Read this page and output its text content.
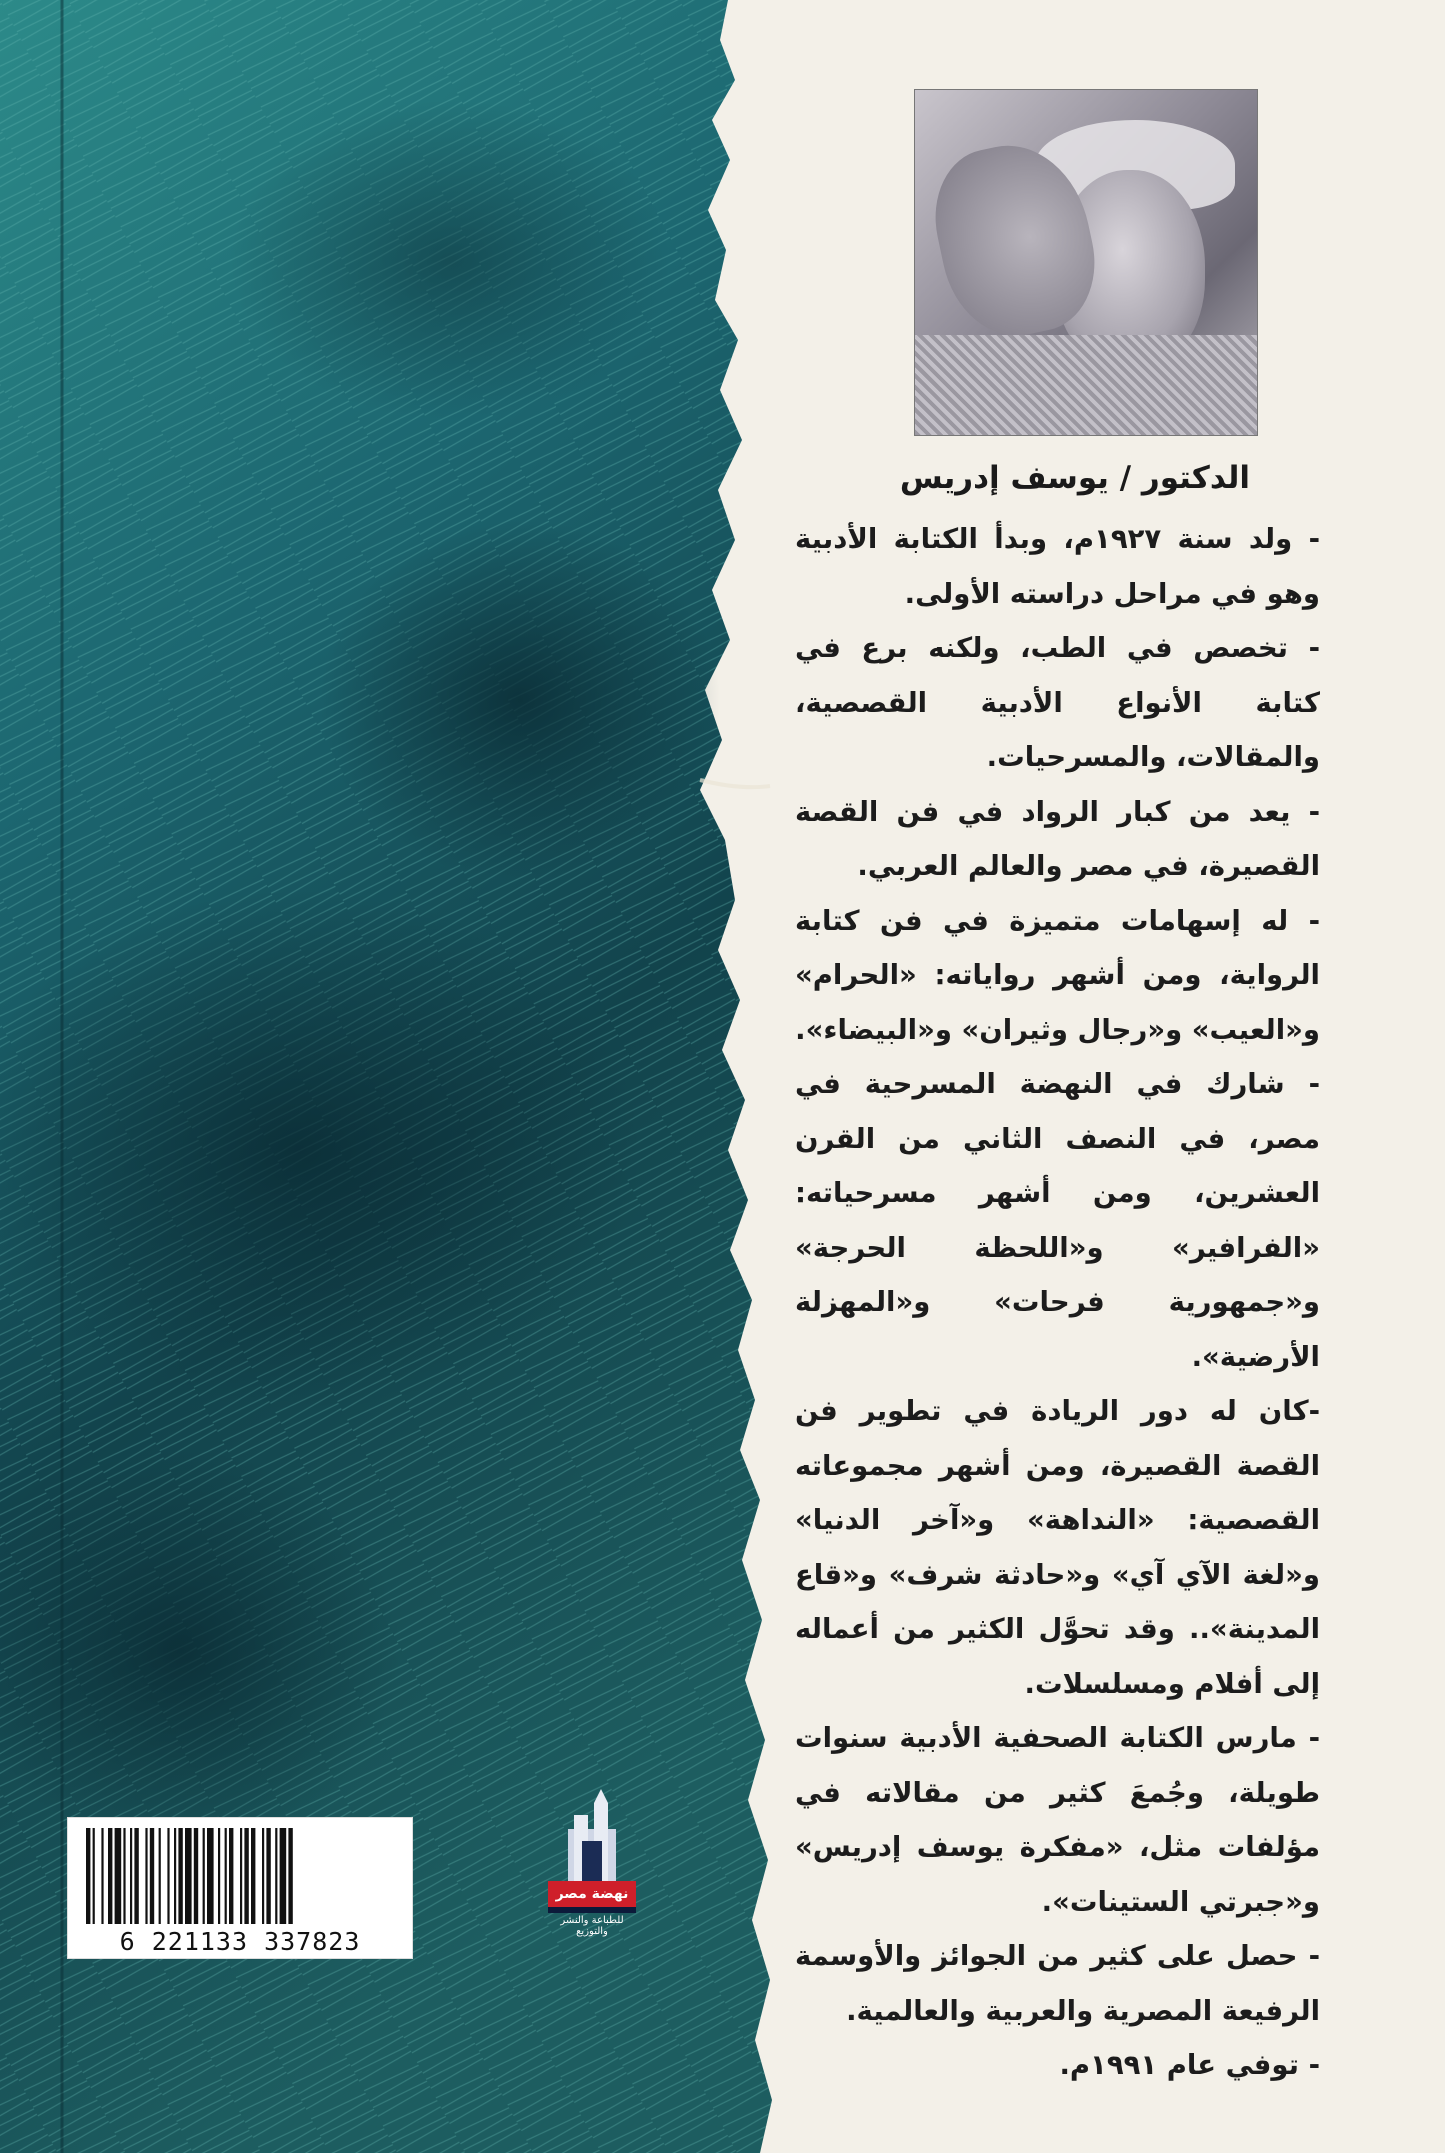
الدكتور / يوسف إدريس

- ولد سنة ١٩٢٧م، وبدأ الكتابة الأدبية وهو في مراحل دراسته الأولى.

- تخصص في الطب، ولكنه برع في كتابة الأنواع الأدبية القصصية، والمقالات، والمسرحيات.

- يعد من كبار الرواد في فن القصة القصيرة، في مصر والعالم العربي.

- له إسهامات متميزة في فن كتابة الرواية، ومن أشهر رواياته: «الحرام» و«العيب» و«رجال وثيران» و«البيضاء».

- شارك في النهضة المسرحية في مصر، في النصف الثاني من القرن العشرين، ومن أشهر مسرحياته: «الفرافير» و«اللحظة الحرجة» و«جمهورية فرحات» و«المهزلة الأرضية».

-كان له دور الريادة في تطوير فن القصة القصيرة، ومن أشهر مجموعاته القصصية: «النداهة» و«آخر الدنيا» و«لغة الآي آي» و«حادثة شرف» و«قاع المدينة».. وقد تحوَّل الكثير من أعماله إلى أفلام ومسلسلات.

- مارس الكتابة الصحفية الأدبية سنوات طويلة، وجُمعَ كثير من مقالاته في مؤلفات مثل، «مفكرة يوسف إدريس» و«جبرتي الستينات».

- حصل على كثير من الجوائز والأوسمة الرفيعة المصرية والعربية والعالمية.

- توفي عام ١٩٩١م.

6 221133 337823
نهضة مصر
للطباعة والنشر والتوزيع
